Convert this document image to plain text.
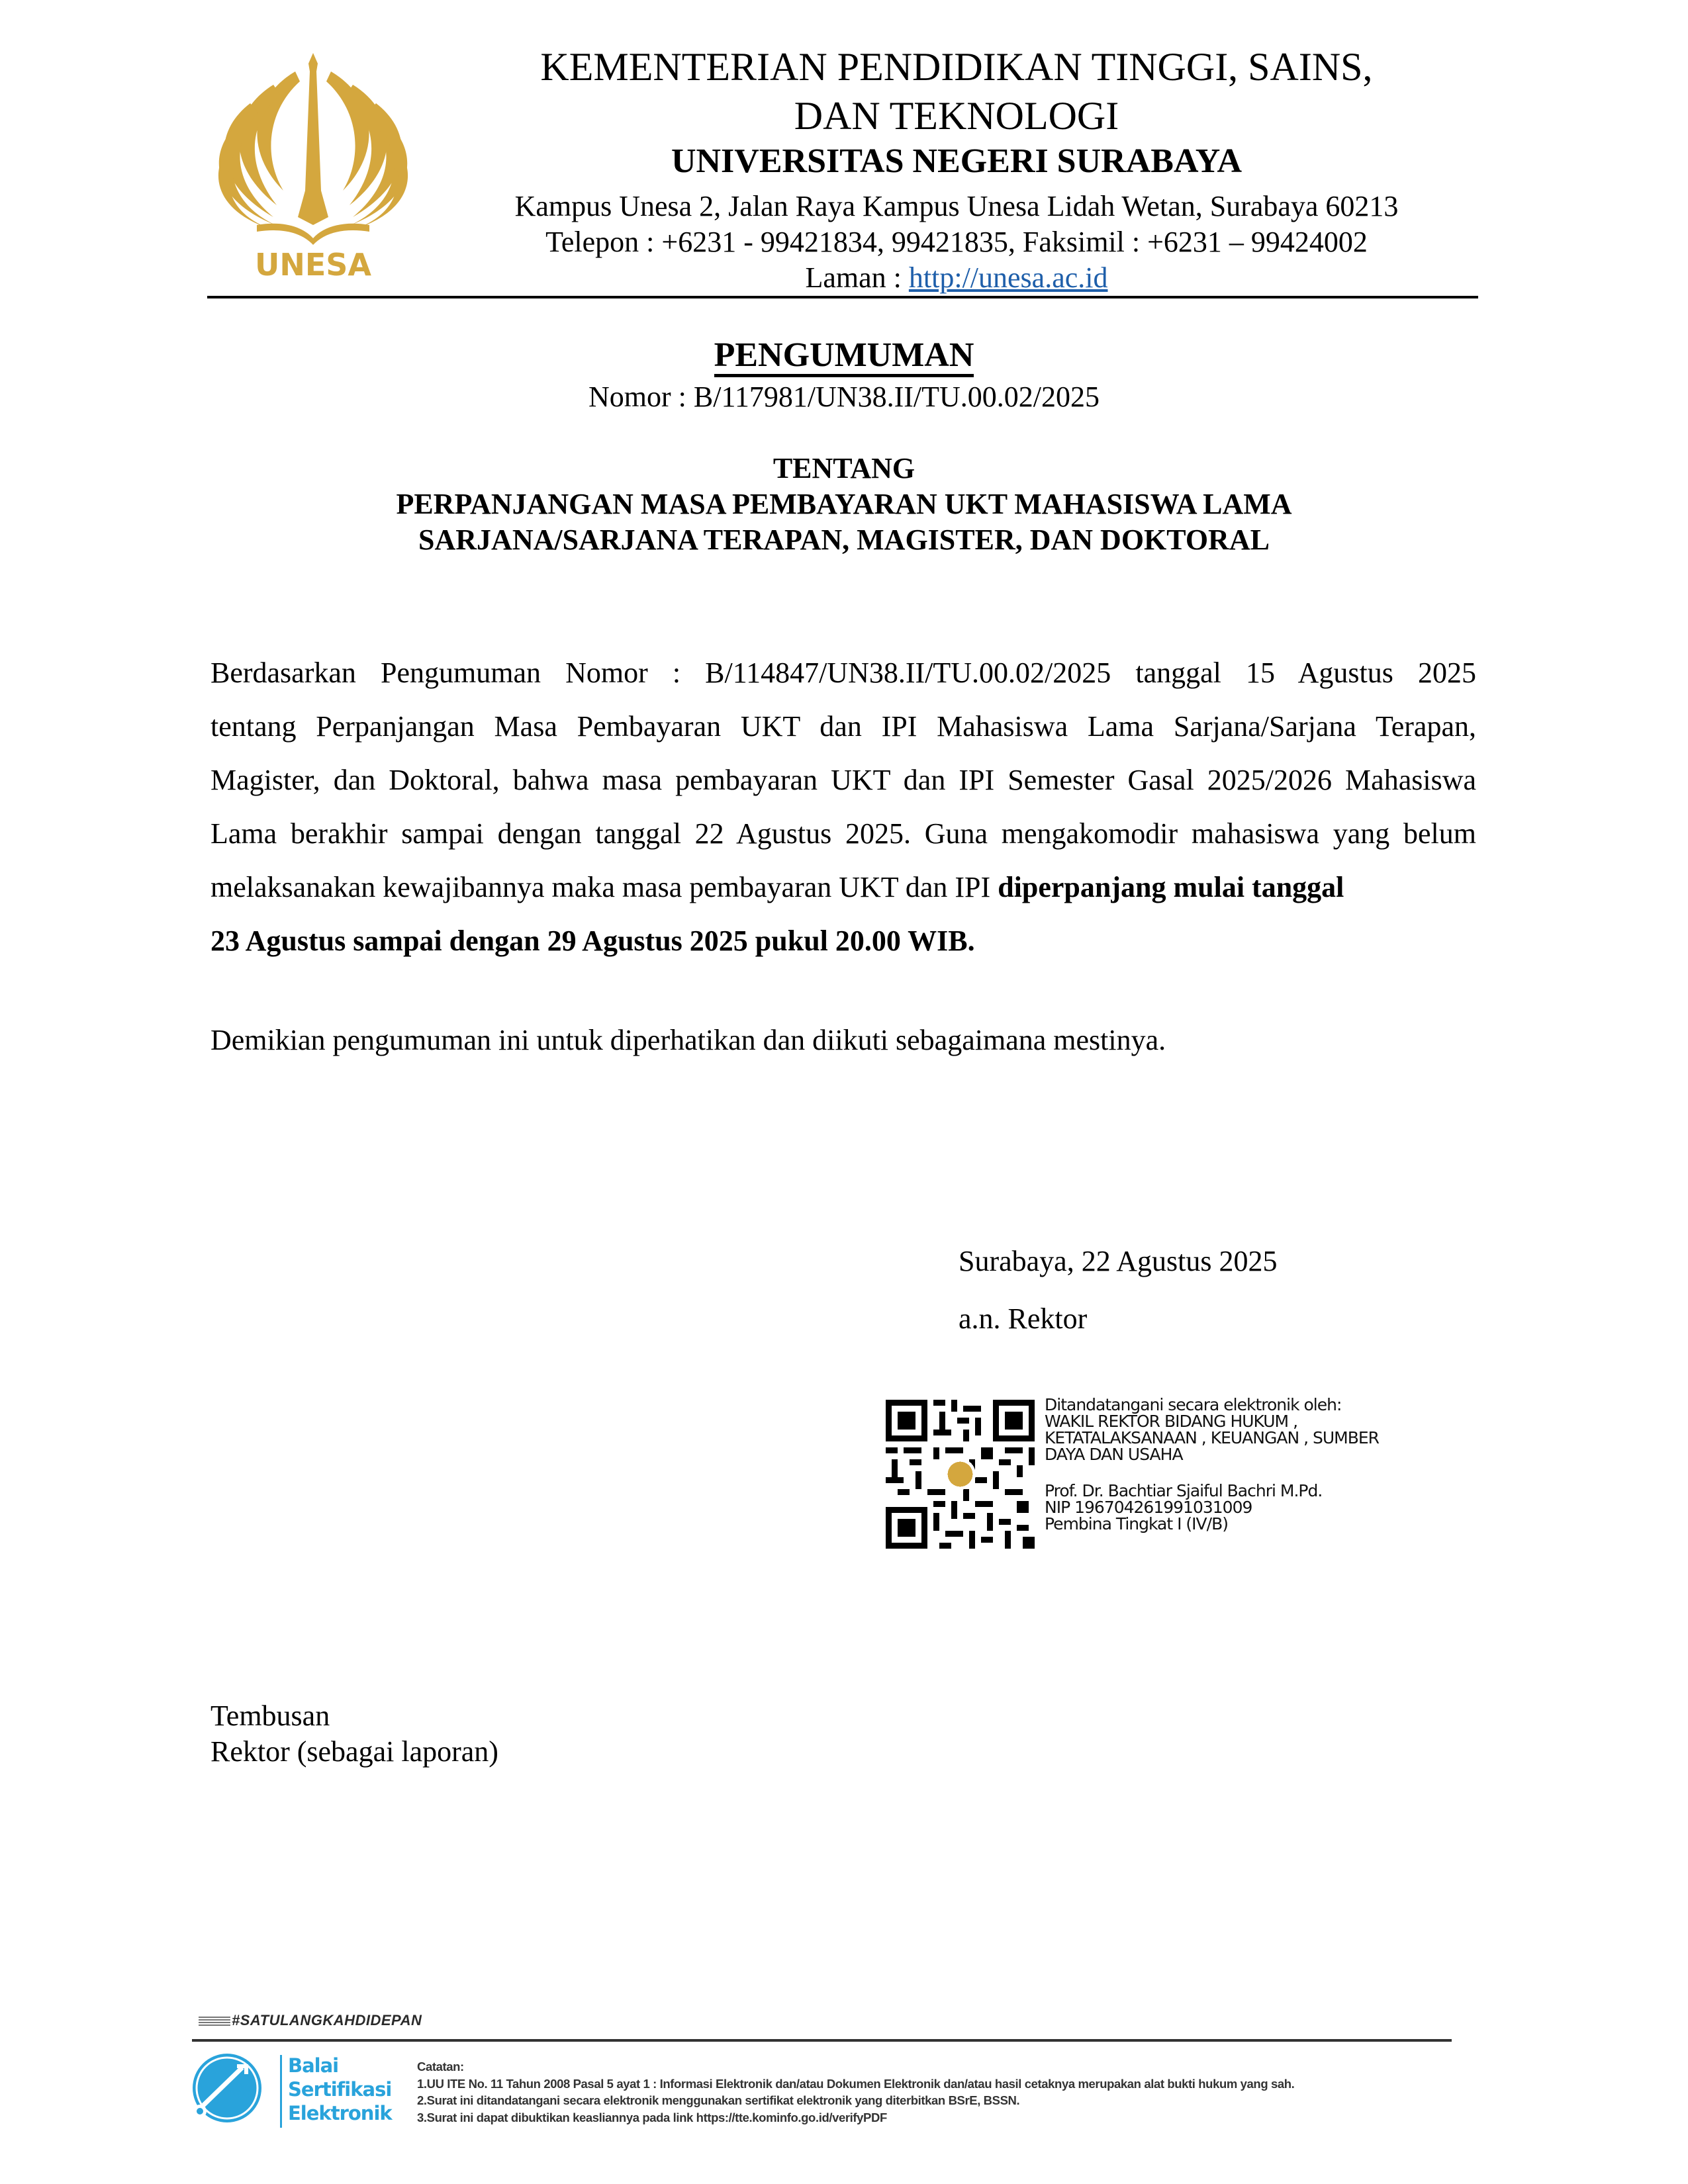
UNESA
KEMENTERIAN PENDIDIKAN TINGGI, SAINS,
DAN TEKNOLOGI
UNIVERSITAS NEGERI SURABAYA
Kampus Unesa 2, Jalan Raya Kampus Unesa Lidah Wetan, Surabaya 60213
Telepon : +6231 - 99421834, 99421835, Faksimil : +6231 – 99424002
Laman : http://unesa.ac.id
PENGUMUMAN
Nomor : B/117981/UN38.II/TU.00.02/2025
TENTANG
PERPANJANGAN MASA PEMBAYARAN UKT MAHASISWA LAMA
SARJANA/SARJANA TERAPAN, MAGISTER, DAN DOKTORAL
Berdasarkan Pengumuman Nomor : B/114847/UN38.II/TU.00.02/2025 tanggal 15 Agustus 2025
tentang Perpanjangan Masa Pembayaran UKT dan IPI Mahasiswa Lama Sarjana/Sarjana Terapan,
Magister, dan Doktoral, bahwa masa pembayaran UKT dan IPI Semester Gasal 2025/2026 Mahasiswa
Lama berakhir sampai dengan tanggal 22 Agustus 2025. Guna mengakomodir mahasiswa yang belum
melaksanakan kewajibannya maka masa pembayaran UKT dan IPI diperpanjang mulai tanggal
23 Agustus sampai dengan 29 Agustus 2025 pukul 20.00 WIB.
Demikian pengumuman ini untuk diperhatikan dan diikuti sebagaimana mestinya.
Surabaya, 22 Agustus 2025
a.n. Rektor
Ditandatangani secara elektronik oleh:
WAKIL REKTOR BIDANG HUKUM ,
KETATALAKSANAAN , KEUANGAN , SUMBER
DAYA DAN USAHA
Prof. Dr. Bachtiar Sjaiful Bachri M.Pd.
NIP 196704261991031009
Pembina Tingkat I (IV/B)
Tembusan
Rektor (sebagai laporan)
#SATULANGKAHDIDEPAN
Balai
Sertifikasi
Elektronik
Catatan:
1.UU ITE No. 11 Tahun 2008 Pasal 5 ayat 1 : Informasi Elektronik dan/atau Dokumen Elektronik dan/atau hasil cetaknya merupakan alat bukti hukum yang sah.
2.Surat ini ditandatangani secara elektronik menggunakan sertifikat elektronik yang diterbitkan BSrE, BSSN.
3.Surat ini dapat dibuktikan keasliannya pada link https://tte.kominfo.go.id/verifyPDF
